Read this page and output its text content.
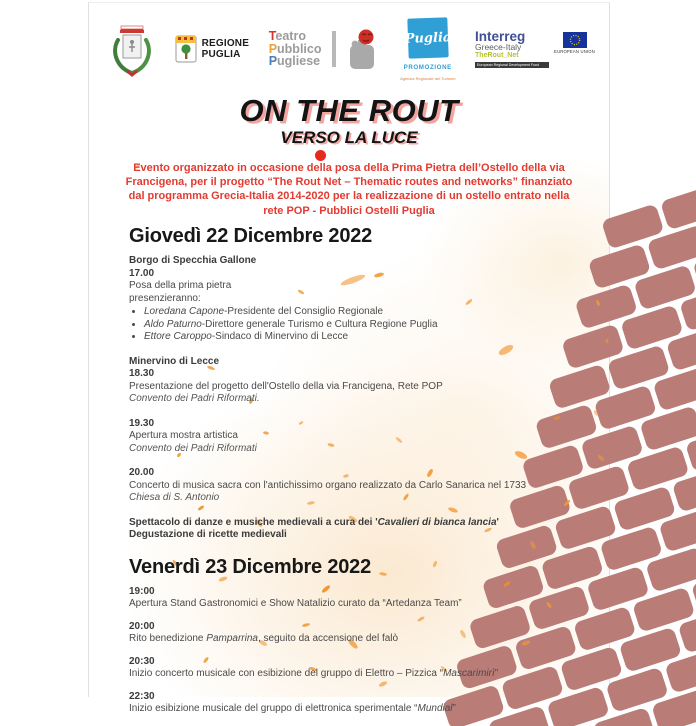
REGIONE
PUGLIA
Teatro
Pubblico
Pugliese
Puglia
PROMOZIONE
Agenzia Regionale del Turismo
Interreg
Greece-Italy
TheRout_Net
European Regional Development Fund
EUROPEAN UNION
ON THE ROUT
VERSO LA LUCE
Evento organizzato in occasione della posa della Prima Pietra dell’Ostello della via Francigena, per il progetto “The Rout Net – Thematic routes and networks” finanziato dal programma Grecia-Italia 2014-2020 per la realizzazione di un ostello entrato nella rete POP - Pubblici Ostelli Puglia
Giovedì 22 Dicembre 2022
Borgo di Specchia Gallone
17.00
Posa della prima pietra
presenzieranno:
• Loredana Capone-Presidente del Consiglio Regionale
• Aldo Paturno-Direttore generale Turismo e Cultura Regione Puglia
• Ettore Caroppo-Sindaco di Minervino di Lecce
Minervino di Lecce
18.30
Presentazione del progetto dell'Ostello della via Francigena, Rete POP
Convento dei Padri Riformati.
19.30
Apertura mostra artistica
Convento dei Padri Riformati
20.00
Concerto di musica sacra con l'antichissimo organo realizzato da Carlo Sanarica nel 1733
Chiesa di S. Antonio
Spettacolo di danze e musiche medievali a cura dei 'Cavalieri di bianca lancia'
Degustazione di ricette medievali
Venerdì 23 Dicembre 2022
19:00
Apertura Stand Gastronomici e Show Natalizio curato da “Artedanza Team”
20:00
Rito benedizione Pamparrina, seguito da accensione del falò
20:30
Inizio concerto musicale con esibizione del gruppo di Elettro – Pizzica “Mascarimirì”
22:30
Inizio esibizione musicale del gruppo di elettronica sperimentale “Mundial”
